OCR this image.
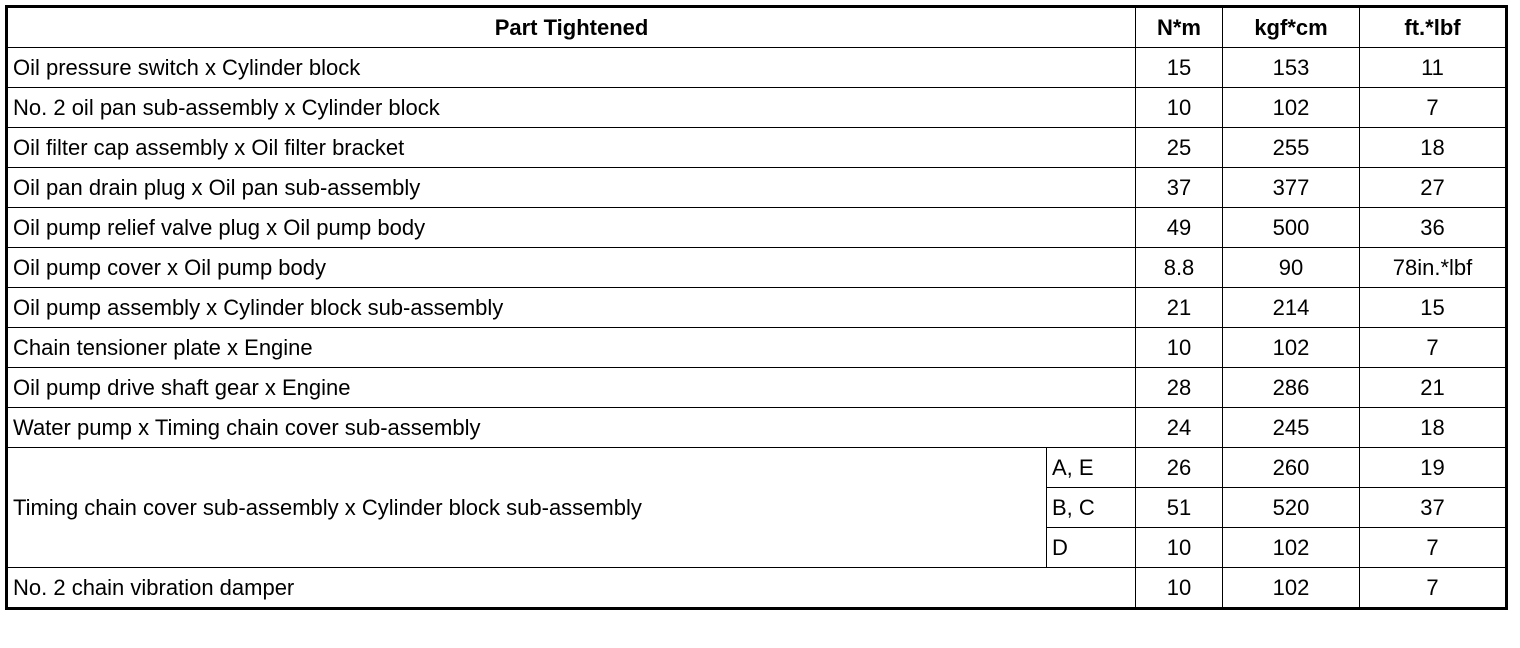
Part Tightened		N*m	kgf*cm	ft.*lbf
Oil pressure switch x Cylinder block		15	153	11
No. 2 oil pan sub-assembly x Cylinder block		10	102	7
Oil filter cap assembly x Oil filter bracket		25	255	18
Oil pan drain plug x Oil pan sub-assembly		37	377	27
Oil pump relief valve plug x Oil pump body		49	500	36
Oil pump cover x Oil pump body		8.8	90	78in.*lbf
Oil pump assembly x Cylinder block sub-assembly		21	214	15
Chain tensioner plate x Engine		10	102	7
Oil pump drive shaft gear x Engine		28	286	21
Water pump x Timing chain cover sub-assembly		24	245	18
Timing chain cover sub-assembly x Cylinder block sub-assembly	A, E	26	260	19
	B, C	51	520	37
	D	10	102	7
No. 2 chain vibration damper		10	102	7
